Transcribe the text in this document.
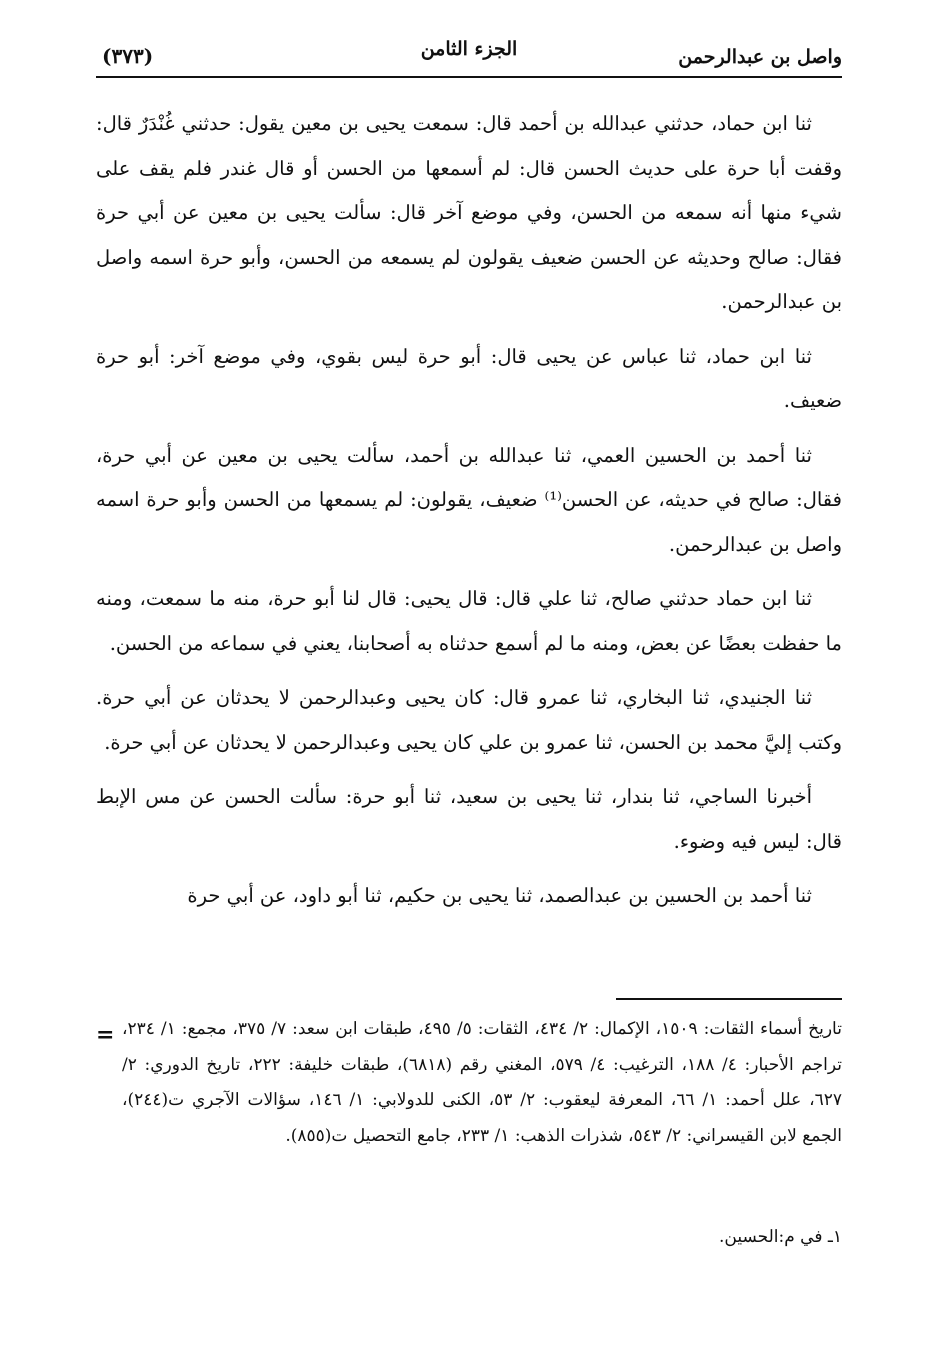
واصل بن عبدالرحمن
الجزء الثامن
(٣٧٣)

ثنا ابن حماد، حدثني عبدالله بن أحمد قال: سمعت يحيى بن معين يقول: حدثني غُنْدَرٌ قال: وقفت أبا حرة على حديث الحسن قال: لم أسمعها من الحسن أو قال غندر فلم يقف على شيء منها أنه سمعه من الحسن، وفي موضع آخر قال: سألت يحيى بن معين عن أبي حرة فقال: صالح وحديثه عن الحسن ضعيف يقولون لم يسمعه من الحسن، وأبو حرة اسمه واصل بن عبدالرحمن.

ثنا ابن حماد، ثنا عباس عن يحيى قال: أبو حرة ليس بقوي، وفي موضع آخر: أبو حرة ضعيف.

ثنا أحمد بن الحسين العمي، ثنا عبدالله بن أحمد، سألت يحيى بن معين عن أبي حرة، فقال: صالح في حديثه، عن الحسن⁽¹⁾ ضعيف، يقولون: لم يسمعها من الحسن وأبو حرة اسمه واصل بن عبدالرحمن.

ثنا ابن حماد حدثني صالح، ثنا علي قال: قال يحيى: قال لنا أبو حرة، منه ما سمعت، ومنه ما حفظت بعضًا عن بعض، ومنه ما لم أسمع حدثناه به أصحابنا، يعني في سماعه من الحسن.

ثنا الجنيدي، ثنا البخاري، ثنا عمرو قال: كان يحيى وعبدالرحمن لا يحدثان عن أبي حرة. وكتب إليَّ محمد بن الحسن، ثنا عمرو بن علي كان يحيى وعبدالرحمن لا يحدثان عن أبي حرة.

أخبرنا الساجي، ثنا بندار، ثنا يحيى بن سعيد، ثنا أبو حرة: سألت الحسن عن مس الإبط قال: ليس فيه وضوء.

ثنا أحمد بن الحسين بن عبدالصمد، ثنا يحيى بن حكيم، ثنا أبو داود، عن أبي حرة

= تاريخ أسماء الثقات: ١٥٠٩، الإكمال: ٢/ ٤٣٤، الثقات: ٥/ ٤٩٥، طبقات ابن سعد: ٧/ ٣٧٥، مجمع: ١/ ٢٣٤، تراجم الأحبار: ٤/ ١٨٨، الترغيب: ٤/ ٥٧٩، المغني رقم (٦٨١٨)، طبقات خليفة: ٢٢٢، تاريخ الدوري: ٢/ ٦٢٧، علل أحمد: ١/ ٦٦، المعرفة ليعقوب: ٢/ ٥٣، الكنى للدولابي: ١/ ١٤٦، سؤالات الآجري ت(٢٤٤)، الجمع لابن القيسراني: ٢/ ٥٤٣، شذرات الذهب: ١/ ٢٣٣، جامع التحصيل ت(٨٥٥).
١ـ في م:الحسين.
